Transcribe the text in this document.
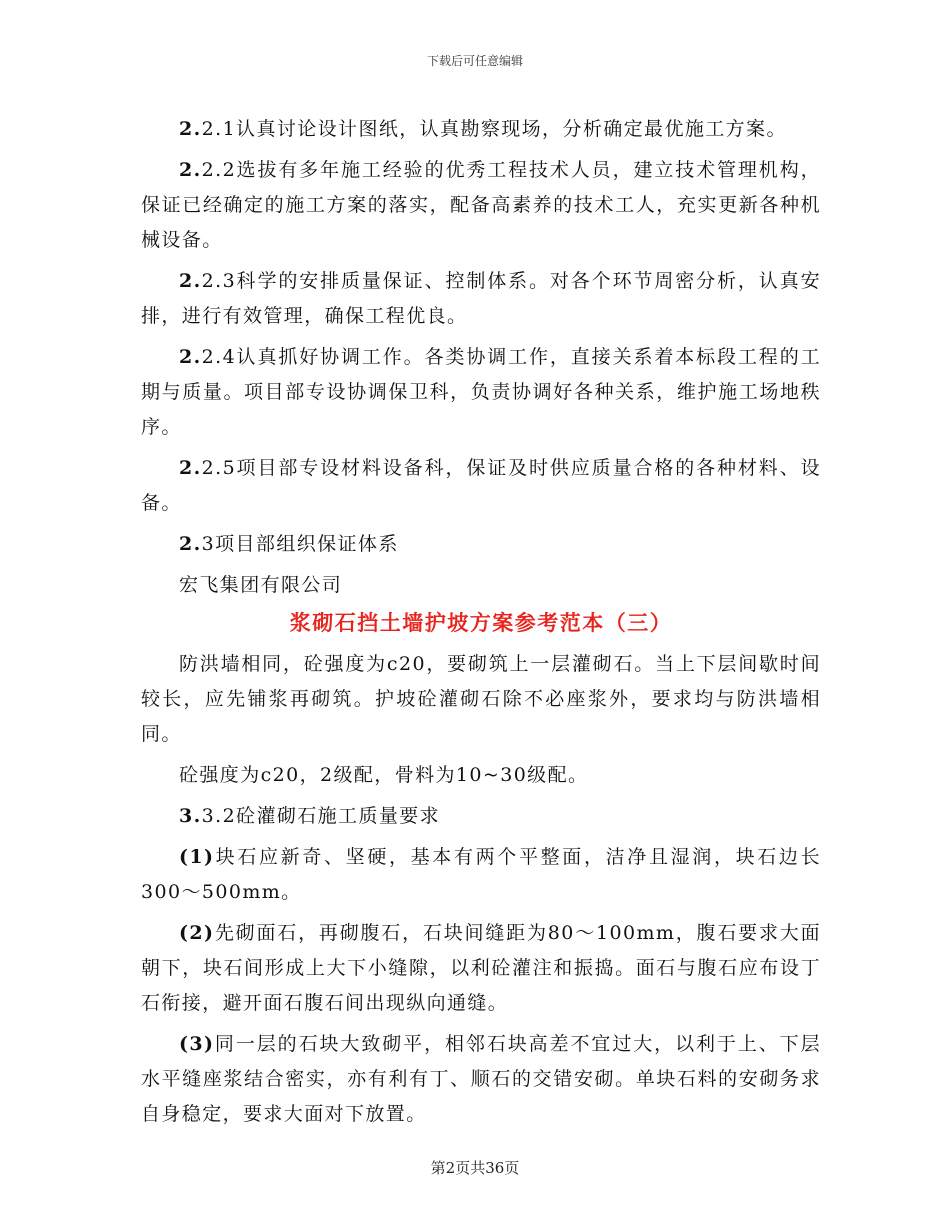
下载后可任意编辑

2.2.1认真讨论设计图纸，认真勘察现场，分析确定最优施工方案。

2.2.2选拔有多年施工经验的优秀工程技术人员，建立技术管理机构，保证已经确定的施工方案的落实，配备高素养的技术工人，充实更新各种机械设备。

2.2.3科学的安排质量保证、控制体系。对各个环节周密分析，认真安排，进行有效管理，确保工程优良。

2.2.4认真抓好协调工作。各类协调工作，直接关系着本标段工程的工期与质量。项目部专设协调保卫科，负责协调好各种关系，维护施工场地秩序。

2.2.5项目部专设材料设备科，保证及时供应质量合格的各种材料、设备。

2.3项目部组织保证体系

宏飞集团有限公司

浆砌石挡土墙护坡方案参考范本（三）

防洪墙相同，砼强度为c20，要砌筑上一层灌砌石。当上下层间歇时间较长，应先铺浆再砌筑。护坡砼灌砌石除不必座浆外，要求均与防洪墙相同。

砼强度为c20，2级配，骨料为10~30级配。

3.3.2砼灌砌石施工质量要求

(1)块石应新奇、坚硬，基本有两个平整面，洁净且湿润，块石边长300～500mm。

(2)先砌面石，再砌腹石，石块间缝距为80～100mm，腹石要求大面朝下，块石间形成上大下小缝隙，以利砼灌注和振捣。面石与腹石应布设丁石衔接，避开面石腹石间出现纵向通缝。

(3)同一层的石块大致砌平，相邻石块高差不宜过大，以利于上、下层水平缝座浆结合密实，亦有利有丁、顺石的交错安砌。单块石料的安砌务求自身稳定，要求大面对下放置。

第2页共36页
